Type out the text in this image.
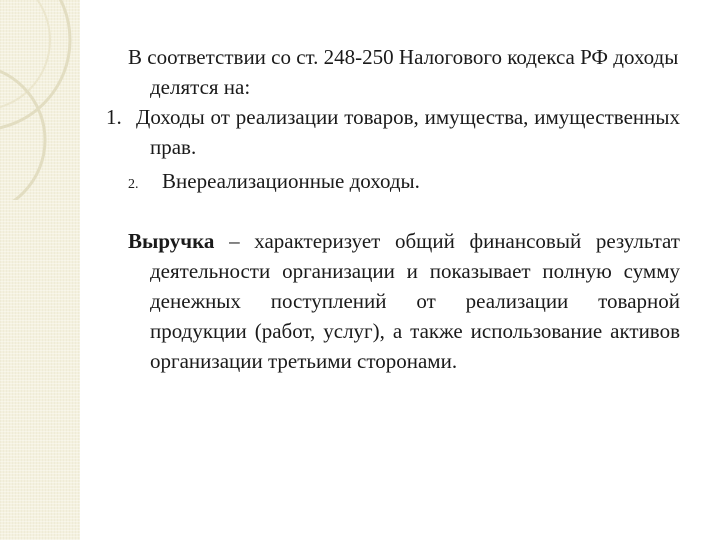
В соответствии со ст. 248-250 Налогового кодекса РФ доходы делятся на:

1. Доходы от реализации товаров, имущества, имущественных прав.
2.	Внереализационные доходы.

Выручка – характеризует общий финансовый результат деятельности организации и показывает полную сумму денежных поступлений от реализации товарной продукции (работ, услуг), а также использование активов организации третьими сторонами.
